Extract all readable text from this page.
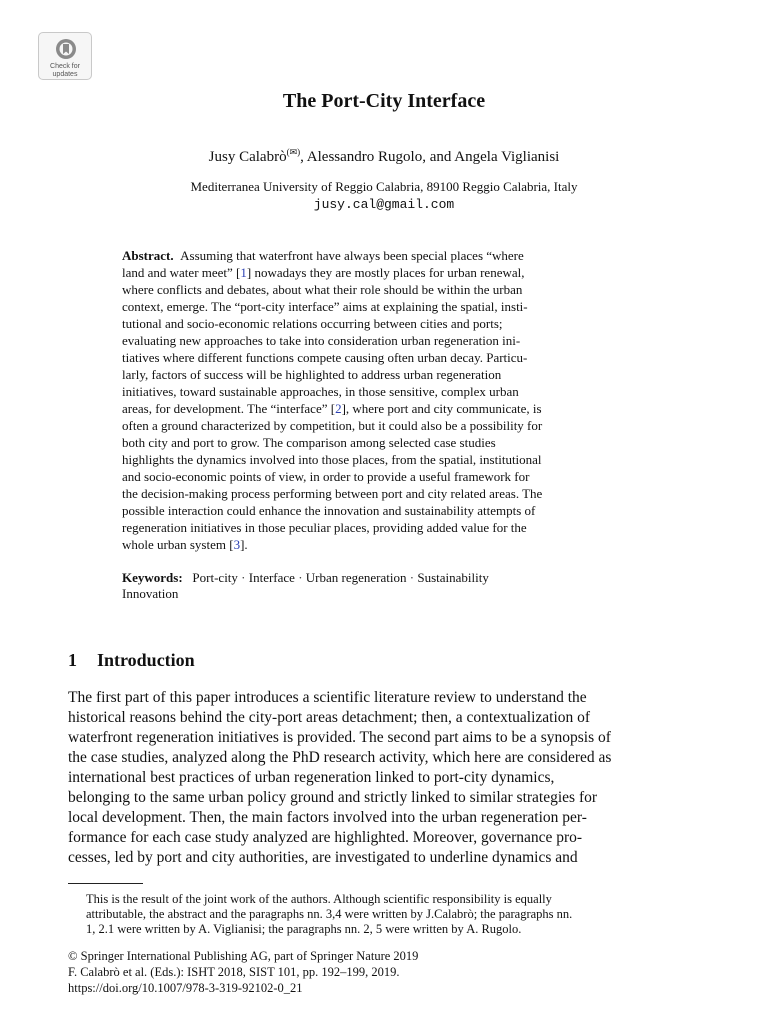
Check for
updates
The Port-City Interface
Jusy Calabrò(✉), Alessandro Rugolo, and Angela Viglianisi
Mediterranea University of Reggio Calabria, 89100 Reggio Calabria, Italy
jusy.cal@gmail.com
Abstract. Assuming that waterfront have always been special places “where
land and water meet” [1] nowadays they are mostly places for urban renewal,
where conflicts and debates, about what their role should be within the urban
context, emerge. The “port-city interface” aims at explaining the spatial, insti-
tutional and socio-economic relations occurring between cities and ports;
evaluating new approaches to take into consideration urban regeneration ini-
tiatives where different functions compete causing often urban decay. Particu-
larly, factors of success will be highlighted to address urban regeneration
initiatives, toward sustainable approaches, in those sensitive, complex urban
areas, for development. The “interface” [2], where port and city communicate, is
often a ground characterized by competition, but it could also be a possibility for
both city and port to grow. The comparison among selected case studies
highlights the dynamics involved into those places, from the spatial, institutional
and socio-economic points of view, in order to provide a useful framework for
the decision-making process performing between port and city related areas. The
possible interaction could enhance the innovation and sustainability attempts of
regeneration initiatives in those peculiar places, providing added value for the
whole urban system [3].
Keywords: Port-city · Interface · Urban regeneration · Sustainability
Innovation
1 Introduction
The first part of this paper introduces a scientific literature review to understand the
historical reasons behind the city-port areas detachment; then, a contextualization of
waterfront regeneration initiatives is provided. The second part aims to be a synopsis of
the case studies, analyzed along the PhD research activity, which here are considered as
international best practices of urban regeneration linked to port-city dynamics,
belonging to the same urban policy ground and strictly linked to similar strategies for
local development. Then, the main factors involved into the urban regeneration per-
formance for each case study analyzed are highlighted. Moreover, governance pro-
cesses, led by port and city authorities, are investigated to underline dynamics and
This is the result of the joint work of the authors. Although scientific responsibility is equally
attributable, the abstract and the paragraphs nn. 3,4 were written by J.Calabrò; the paragraphs nn.
1, 2.1 were written by A. Viglianisi; the paragraphs nn. 2, 5 were written by A. Rugolo.
© Springer International Publishing AG, part of Springer Nature 2019
F. Calabrò et al. (Eds.): ISHT 2018, SIST 101, pp. 192–199, 2019.
https://doi.org/10.1007/978-3-319-92102-0_21
